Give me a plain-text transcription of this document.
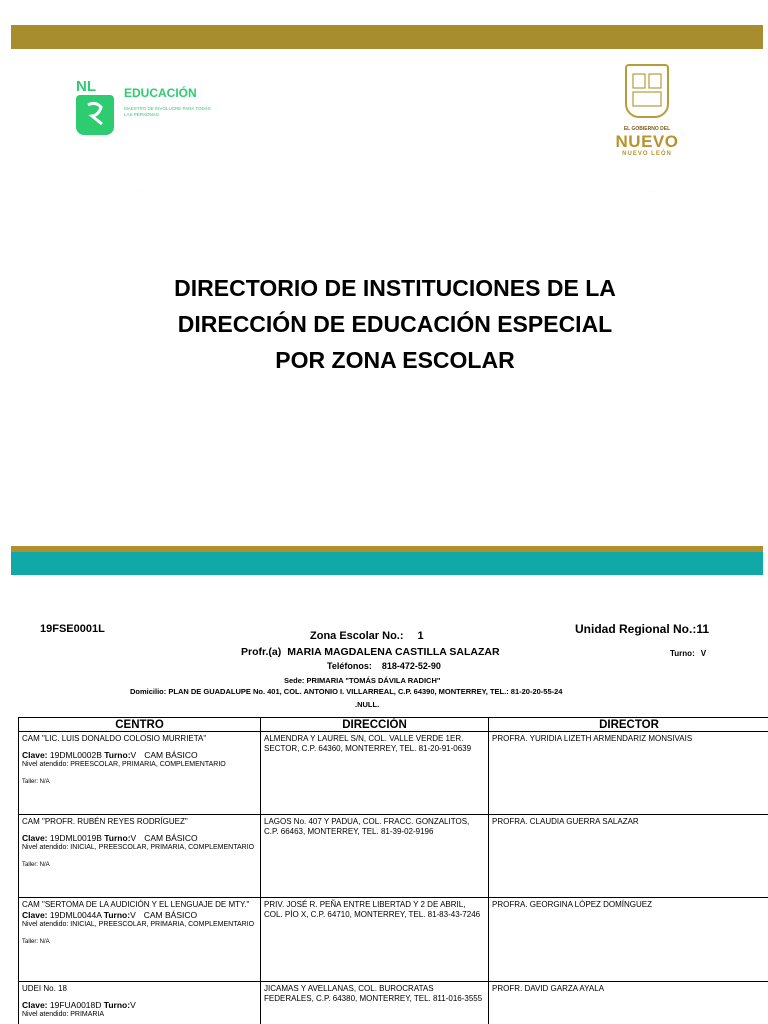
NL EDUCACIÓN
MAESTRO DE INVOLUCRE PARA TODAS LAS PERSONAS
EL GOBIERNO DEL
NUEVO
NUEVO LEÓN
DIRECTORIO DE INSTITUCIONES DE LA
DIRECCIÓN DE EDUCACIÓN ESPECIAL
POR ZONA ESCOLAR
19FSE0001L	Unidad Regional No.:11
Zona Escolar No.: 1
Profr.(a) MARIA MAGDALENA CASTILLA SALAZAR	Turno: V
Teléfonos: 818-472-52-90
Sede: PRIMARIA "TOMÁS DÁVILA RADICH"
Domicilio: PLAN DE GUADALUPE No. 401, COL. ANTONIO I. VILLARREAL, C.P. 64390, MONTERREY, TEL.: 81-20-20-55-24
.NULL.
CENTRO	DIRECCIÓN	DIRECTOR

CAM "LIC. LUIS DONALDO COLOSIO MURRIETA"
Clave: 19DML0002B Turno:V CAM BÁSICO
Nivel atendido: PREESCOLAR, PRIMARIA, COMPLEMENTARIO
Taller: N/A	ALMENDRA Y LAUREL S/N, COL. VALLE VERDE 1ER. SECTOR, C.P. 64360, MONTERREY, TEL. 81-20-91-0639	PROFRA. YURIDIA LIZETH ARMENDARIZ MONSIVAIS

CAM "PROFR. RUBÉN REYES RODRÍGUEZ"
Clave: 19DML0019B Turno:V CAM BÁSICO
Nivel atendido: INICIAL, PREESCOLAR, PRIMARIA, COMPLEMENTARIO
Taller: N/A	LAGOS No. 407 Y PADUA, COL. FRACC. GONZALITOS, C.P. 66463, MONTERREY, TEL. 81-39-02-9196	PROFRA. CLAUDIA GUERRA SALAZAR

CAM "SERTOMA DE LA AUDICIÓN Y EL LENGUAJE DE MTY."
Clave: 19DML0044A Turno:V CAM BÁSICO
Nivel atendido: INICIAL, PREESCOLAR, PRIMARIA, COMPLEMENTARIO
Taller: N/A	PRIV. JOSÉ R. PEÑA ENTRE LIBERTAD Y 2 DE ABRIL, COL. PÍO X, C.P. 64710, MONTERREY, TEL. 81-83-43-7246	PROFRA. GEORGINA LÓPEZ DOMÍNGUEZ

UDEI No. 18
Clave: 19FUA0018D Turno:V
Nivel atendido: PRIMARIA	JICAMAS Y AVELLANAS, COL. BUROCRATAS FEDERALES, C.P. 64380, MONTERREY, TEL. 811-016-3555	PROFR. DAVID GARZA AYALA
